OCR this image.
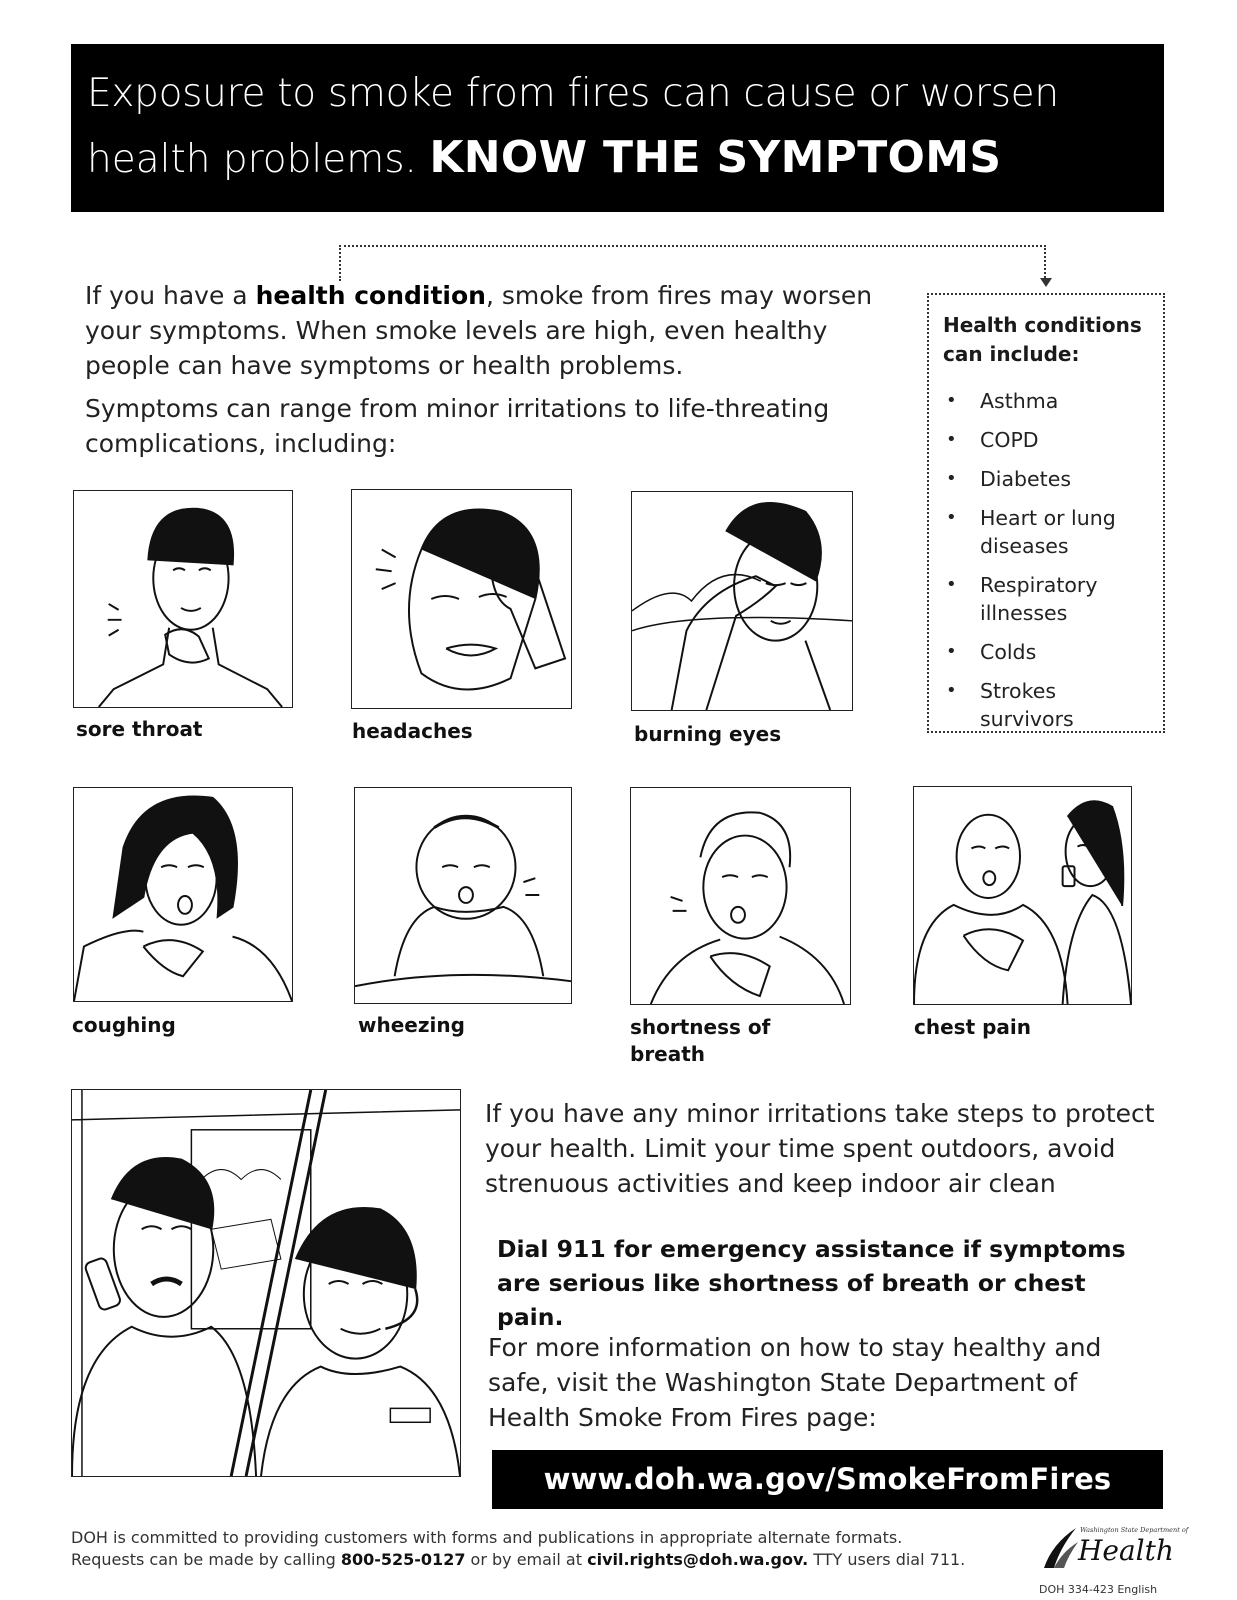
Exposure to smoke from fires can cause or worsen
health problems. KNOW THE SYMPTOMS

If you have a health condition, smoke from fires may worsen your symptoms. When smoke levels are high, even healthy people can have symptoms or health problems.

Symptoms can range from minor irritations to life-threating complications, including:

Health conditions can include:
• Asthma
• COPD
• Diabetes
• Heart or lung diseases
• Respiratory illnesses
• Colds
• Strokes survivors
sore throat	headaches	burning eyes
coughing	wheezing	shortness of breath
chest pain
If you have any minor irritations take steps to protect your health. Limit your time spent outdoors, avoid strenuous activities and keep indoor air clean
Dial 911 for emergency assistance if symptoms are serious like shortness of breath or chest pain.
For more information on how to stay healthy and safe, visit the Washington State Department of Health Smoke From Fires page:
www.doh.wa.gov/SmokeFromFires
DOH is committed to providing customers with forms and publications in appropriate alternate formats.
Requests can be made by calling 800-525-0127 or by email at civil.rights@doh.wa.gov. TTY users dial 711.
Washington State Department of
Health
DOH 334-423 English
